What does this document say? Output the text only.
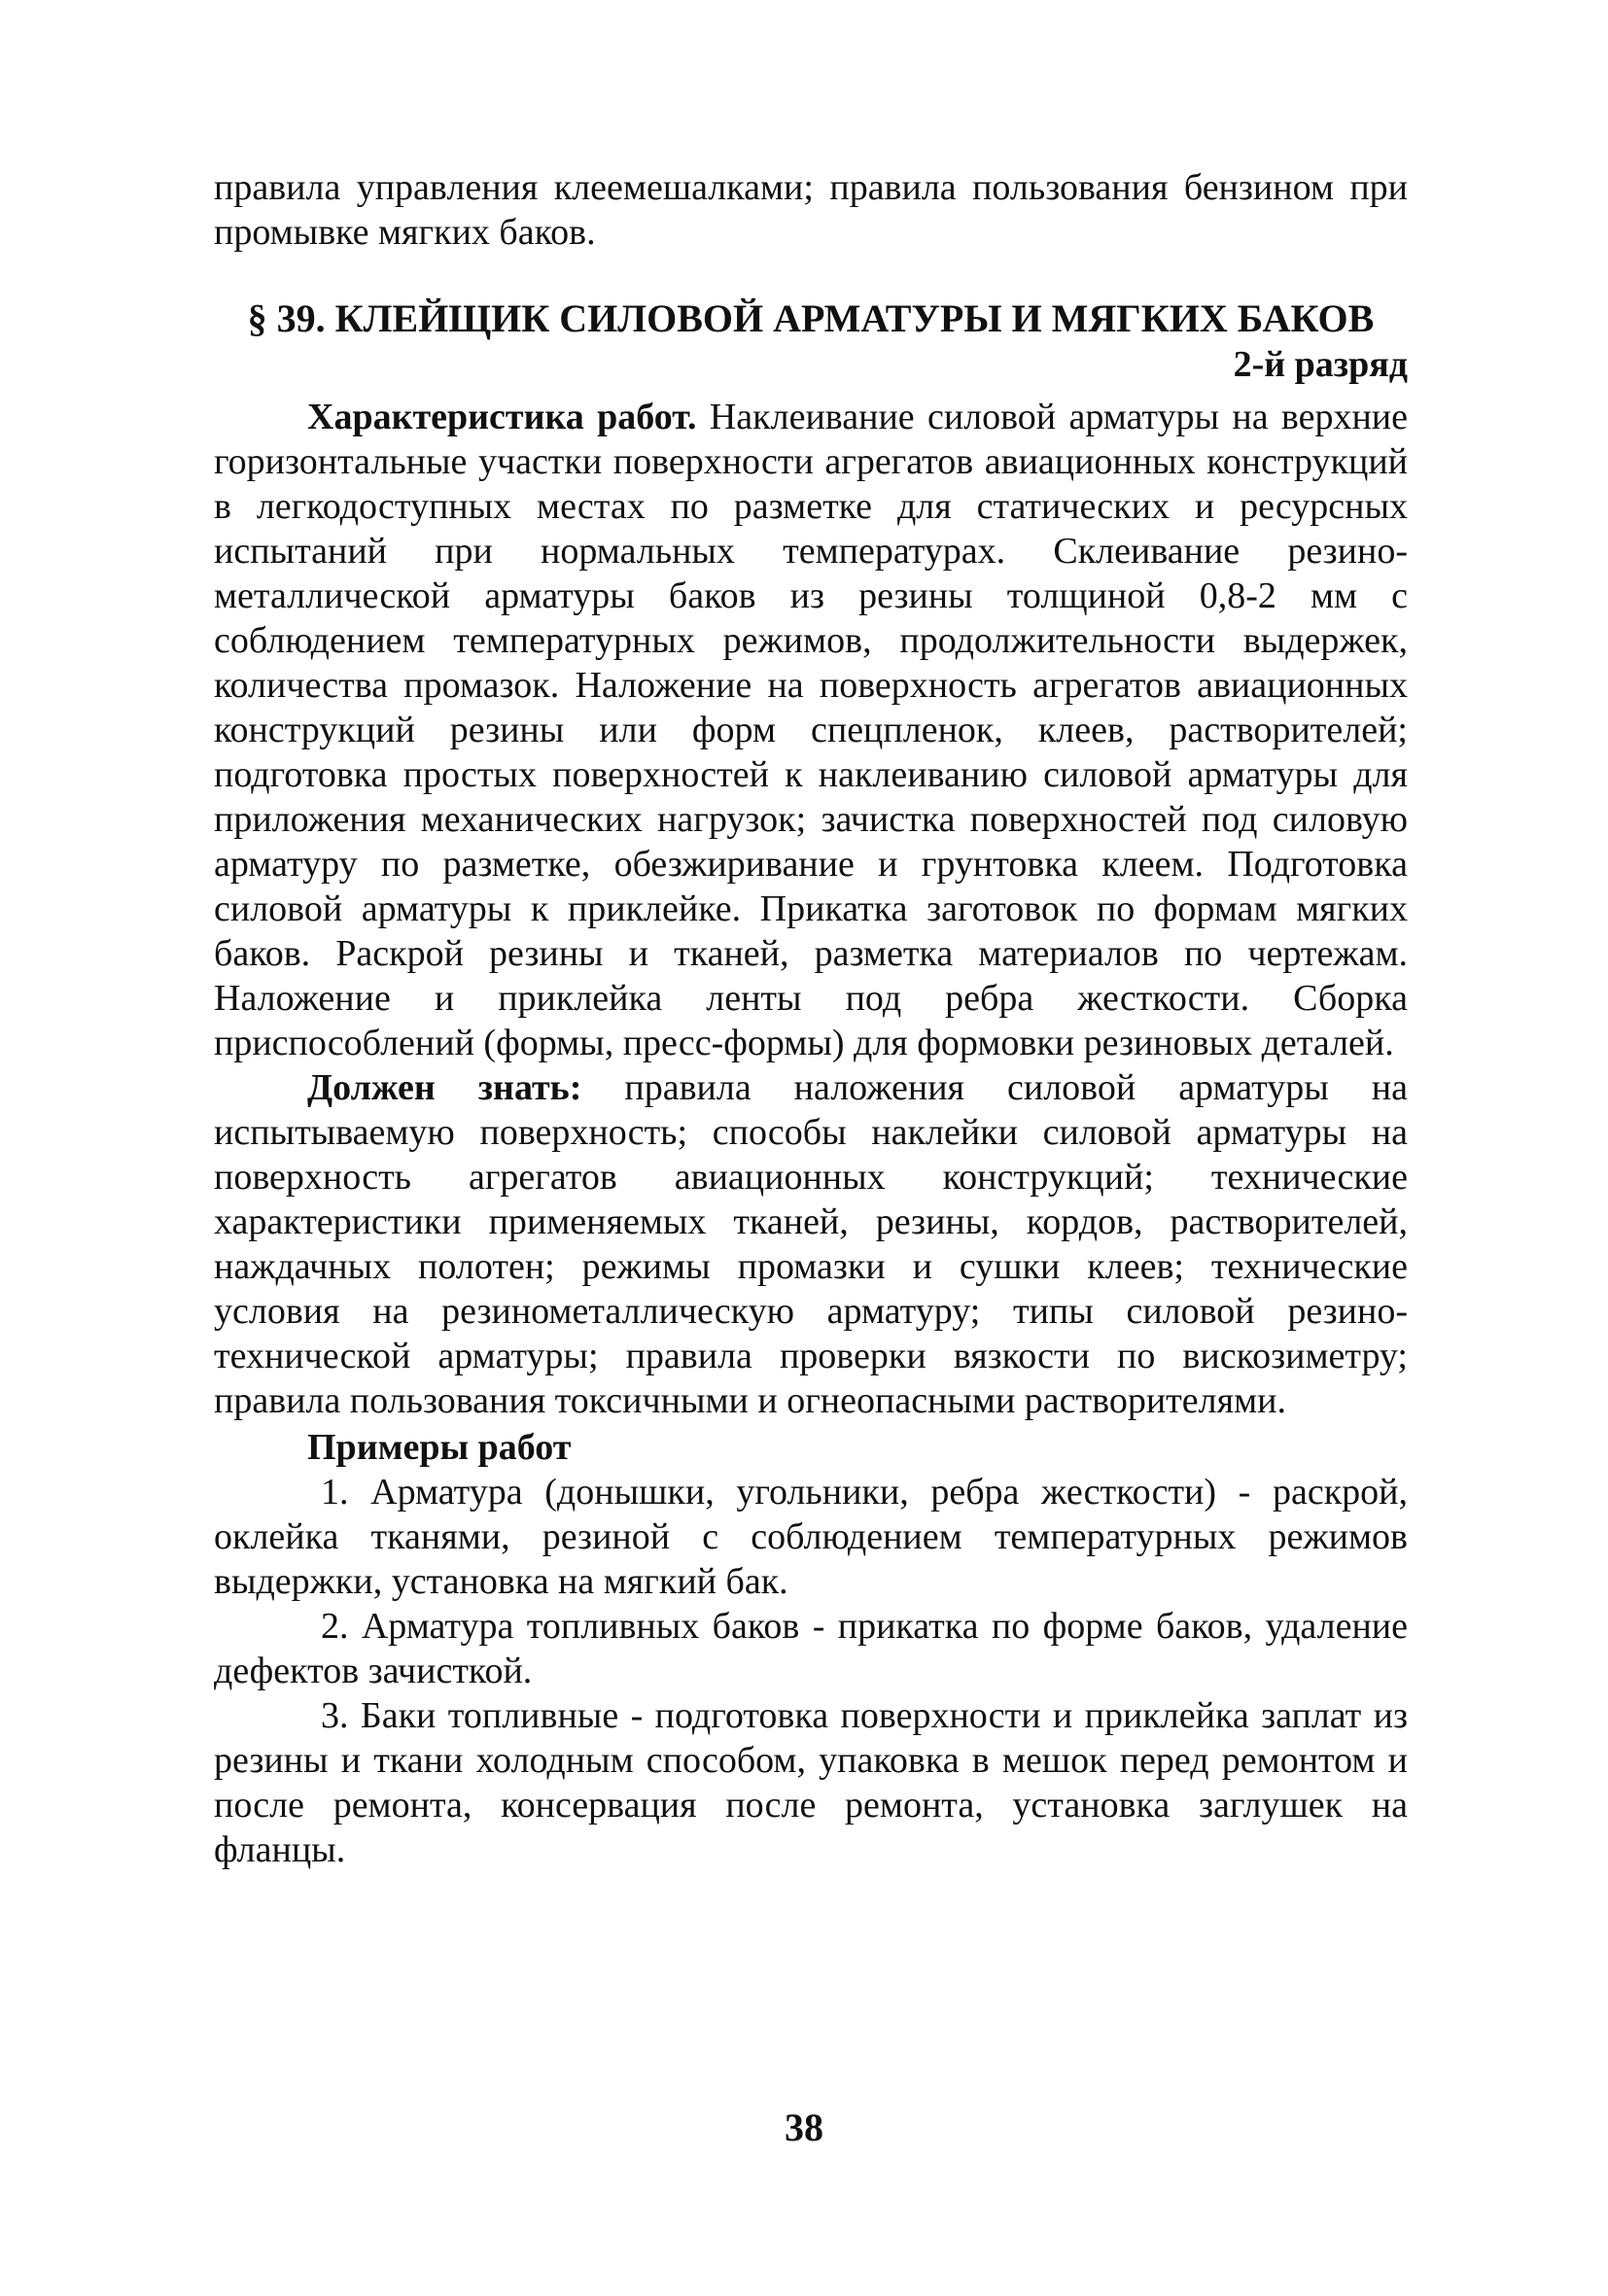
правила управления клеемешалками; правила пользования бензином при промывке мягких баков.

§ 39. КЛЕЙЩИК СИЛОВОЙ АРМАТУРЫ И МЯГКИХ БАКОВ
2-й разряд

Характеристика работ. Наклеивание силовой арматуры на верхние горизонтальные участки поверхности агрегатов авиационных конструкций в легкодоступных местах по разметке для статических и ресурсных испытаний при нормальных температурах. Склеивание резино-металлической арматуры баков из резины толщиной 0,8-2 мм с соблюдением температурных режимов, продолжительности выдержек, количества промазок. Наложение на поверхность агрегатов авиационных конструкций резины или форм спецпленок, клеев, растворителей; подготовка простых поверхностей к наклеиванию силовой арматуры для приложения механических нагрузок; зачистка поверхностей под силовую арматуру по разметке, обезжиривание и грунтовка клеем. Подготовка силовой арматуры к приклейке. Прикатка заготовок по формам мягких баков. Раскрой резины и тканей, разметка материалов по чертежам. Наложение и приклейка ленты под ребра жесткости. Сборка приспособлений (формы, пресс-формы) для формовки резиновых деталей.

Должен знать: правила наложения силовой арматуры на испытываемую поверхность; способы наклейки силовой арматуры на поверхность агрегатов авиационных конструкций; технические характеристики применяемых тканей, резины, кордов, растворителей, наждачных полотен; режимы промазки и сушки клеев; технические условия на резинометаллическую арматуру; типы силовой резино-технической арматуры; правила проверки вязкости по вискозиметру; правила пользования токсичными и огнеопасными растворителями.

Примеры работ

1. Арматура (донышки, угольники, ребра жесткости) - раскрой, оклейка тканями, резиной с соблюдением температурных режимов выдержки, установка на мягкий бак.

2. Арматура топливных баков - прикатка по форме баков, удаление дефектов зачисткой.

3. Баки топливные - подготовка поверхности и приклейка заплат из резины и ткани холодным способом, упаковка в мешок перед ремонтом и после ремонта, консервация после ремонта, установка заглушек на фланцы.

38
